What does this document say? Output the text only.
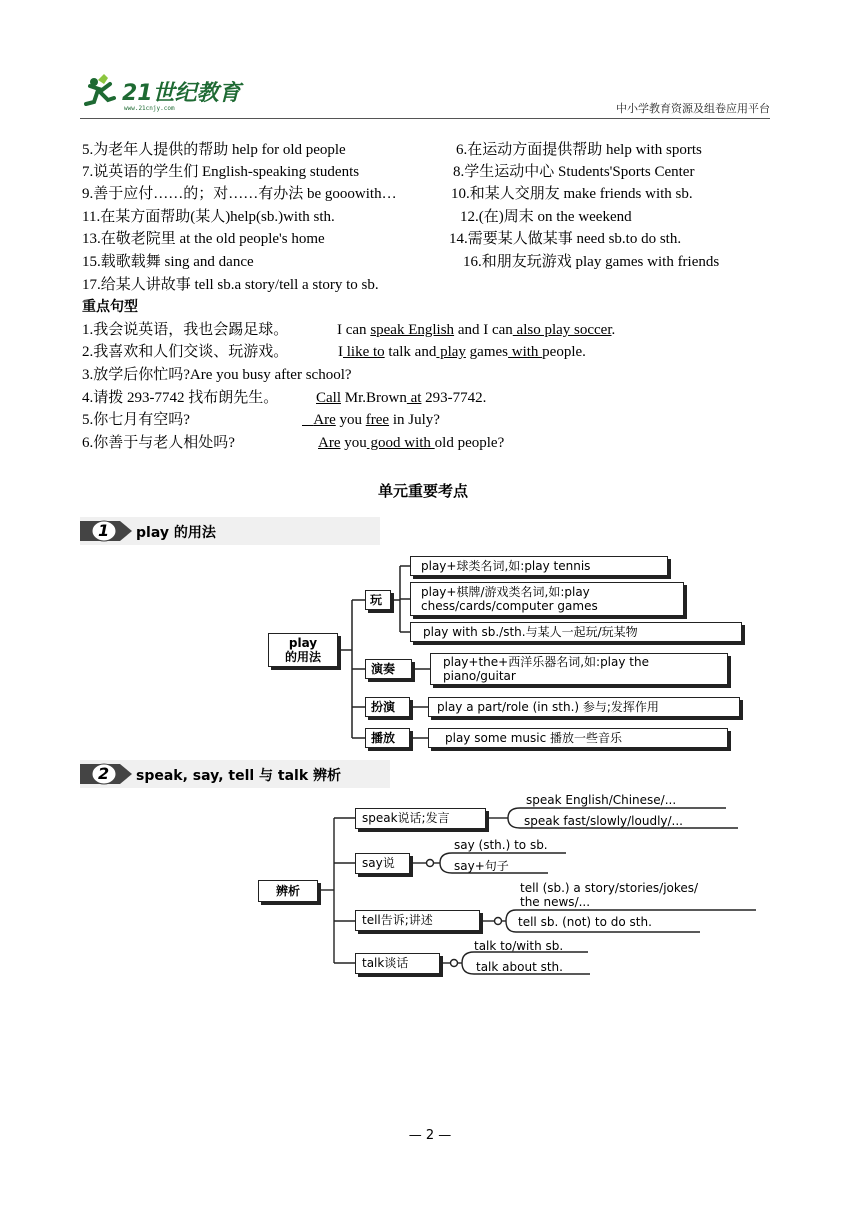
21世纪教育
www.21cnjy.com	中小学教育资源及组卷应用平台
5.为老年人提供的帮助 help for old people	6.在运动方面提供帮助 help with sports
7.说英语的学生们 English-speaking students	8.学生运动中心 Students'Sports Center
9.善于应付……的；对……有办法 be gooowith…	10.和某人交朋友 make friends with sb.
11.在某方面帮助(某人)help(sb.)with sth.	12.(在)周末 on the weekend
13.在敬老院里 at the old people's home	14.需要某人做某事 need sb.to do sth.
15.载歌载舞 sing and dance	16.和朋友玩游戏 play games with friends
17.给某人讲故事 tell sb.a story/tell a story to sb.
重点句型
1.我会说英语，我也会踢足球。	I can speak English and I can also play soccer.
2.我喜欢和人们交谈、玩游戏。	I like to talk and play games with people.
3.放学后你忙吗?Are you busy after school?
4.请拨 293-7742 找布朗先生。	Call Mr.Brown at 293-7742.
5.你七月有空吗?	Are you free in July?
6.你善于与老人相处吗?	Are you good with old people?
单元重要考点
1 play 的用法
play
的用法
玩
演奏
扮演
播放
play+球类名词,如:play tennis
play+棋牌/游戏类名词,如:play
chess/cards/computer games
play with sb./sth.与某人一起玩/玩某物
play+the+西洋乐器名词,如:play the
piano/guitar
play a part/role (in sth.) 参与;发挥作用
play some music 播放一些音乐
2 speak, say, tell 与 talk 辨析
辨析
speak说话;发言
say说
tell告诉;讲述
talk谈话
speak English/Chinese/...
speak fast/slowly/loudly/...
say (sth.) to sb.
say+句子
tell (sb.) a story/stories/jokes/
the news/...
tell sb. (not) to do sth.
talk to/with sb.
talk about sth.
— 2 —
